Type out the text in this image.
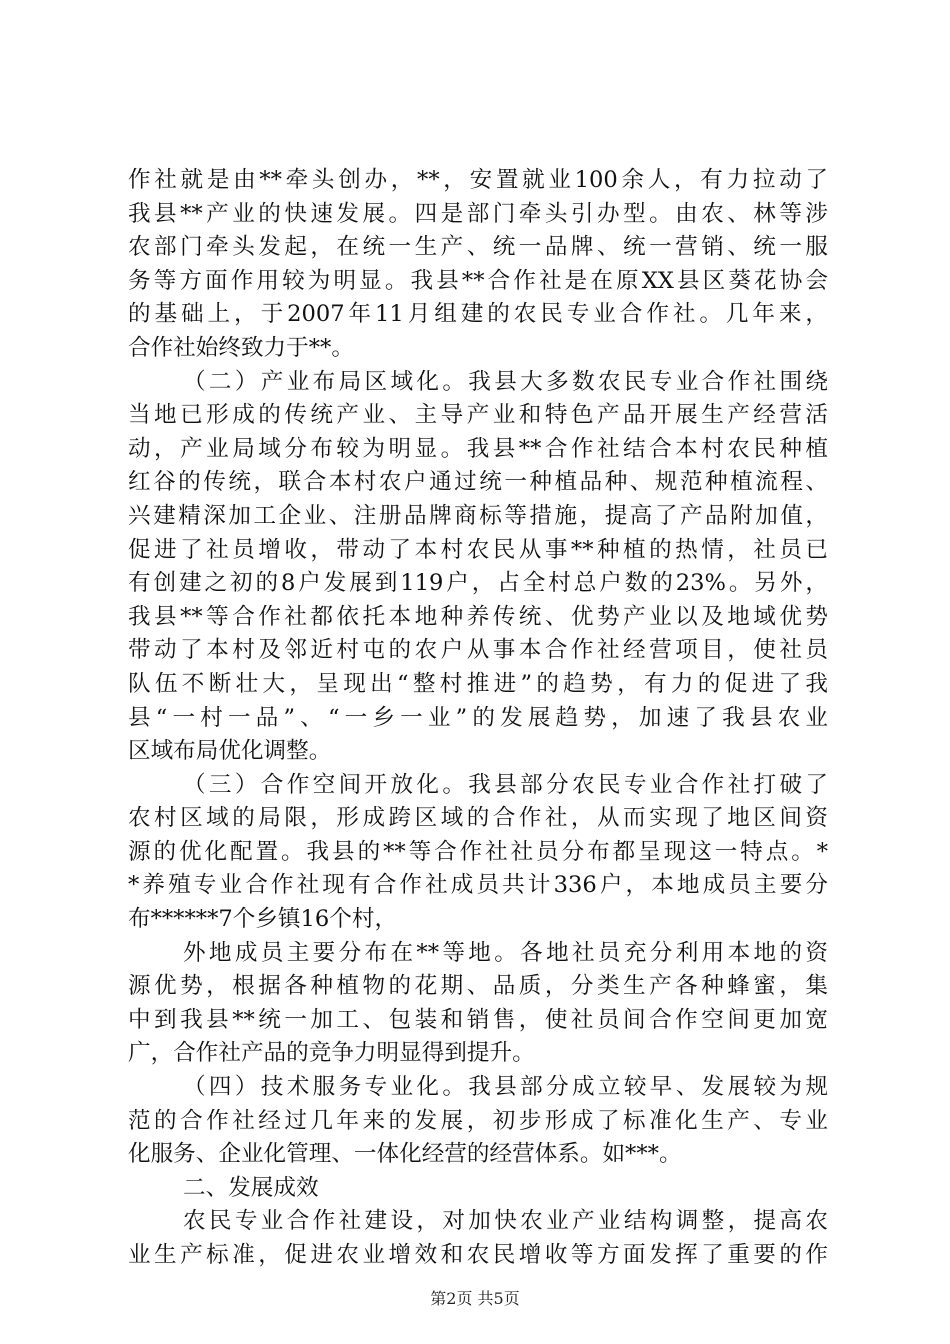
作社就是由**牵头创办，**，安置就业100余人，有力拉动了
我县**产业的快速发展。四是部门牵头引办型。由农、林等涉
农部门牵头发起，在统一生产、统一品牌、统一营销、统一服
务等方面作用较为明显。我县**合作社是在原XX县区葵花协会
的基础上，于2007年11月组建的农民专业合作社。几年来，
合作社始终致力于**。
（二）产业布局区域化。我县大多数农民专业合作社围绕
当地已形成的传统产业、主导产业和特色产品开展生产经营活
动，产业局域分布较为明显。我县**合作社结合本村农民种植
红谷的传统，联合本村农户通过统一种植品种、规范种植流程、
兴建精深加工企业、注册品牌商标等措施，提高了产品附加值，
促进了社员增收，带动了本村农民从事**种植的热情，社员已
有创建之初的8户发展到119户，占全村总户数的23%。另外，
我县**等合作社都依托本地种养传统、优势产业以及地域优势
带动了本村及邻近村屯的农户从事本合作社经营项目，使社员
队伍不断壮大，呈现出“整村推进”的趋势，有力的促进了我
县“一村一品”、“一乡一业”的发展趋势，加速了我县农业
区域布局优化调整。
（三）合作空间开放化。我县部分农民专业合作社打破了
农村区域的局限，形成跨区域的合作社，从而实现了地区间资
源的优化配置。我县的**等合作社社员分布都呈现这一特点。*
*养殖专业合作社现有合作社成员共计336户，本地成员主要分
布******7个乡镇16个村，
外地成员主要分布在**等地。各地社员充分利用本地的资
源优势，根据各种植物的花期、品质，分类生产各种蜂蜜，集
中到我县**统一加工、包装和销售，使社员间合作空间更加宽
广，合作社产品的竞争力明显得到提升。
（四）技术服务专业化。我县部分成立较早、发展较为规
范的合作社经过几年来的发展，初步形成了标准化生产、专业
化服务、企业化管理、一体化经营的经营体系。如***。
二、发展成效
农民专业合作社建设，对加快农业产业结构调整，提高农
业生产标准，促进农业增效和农民增收等方面发挥了重要的作
第2页 共5页
